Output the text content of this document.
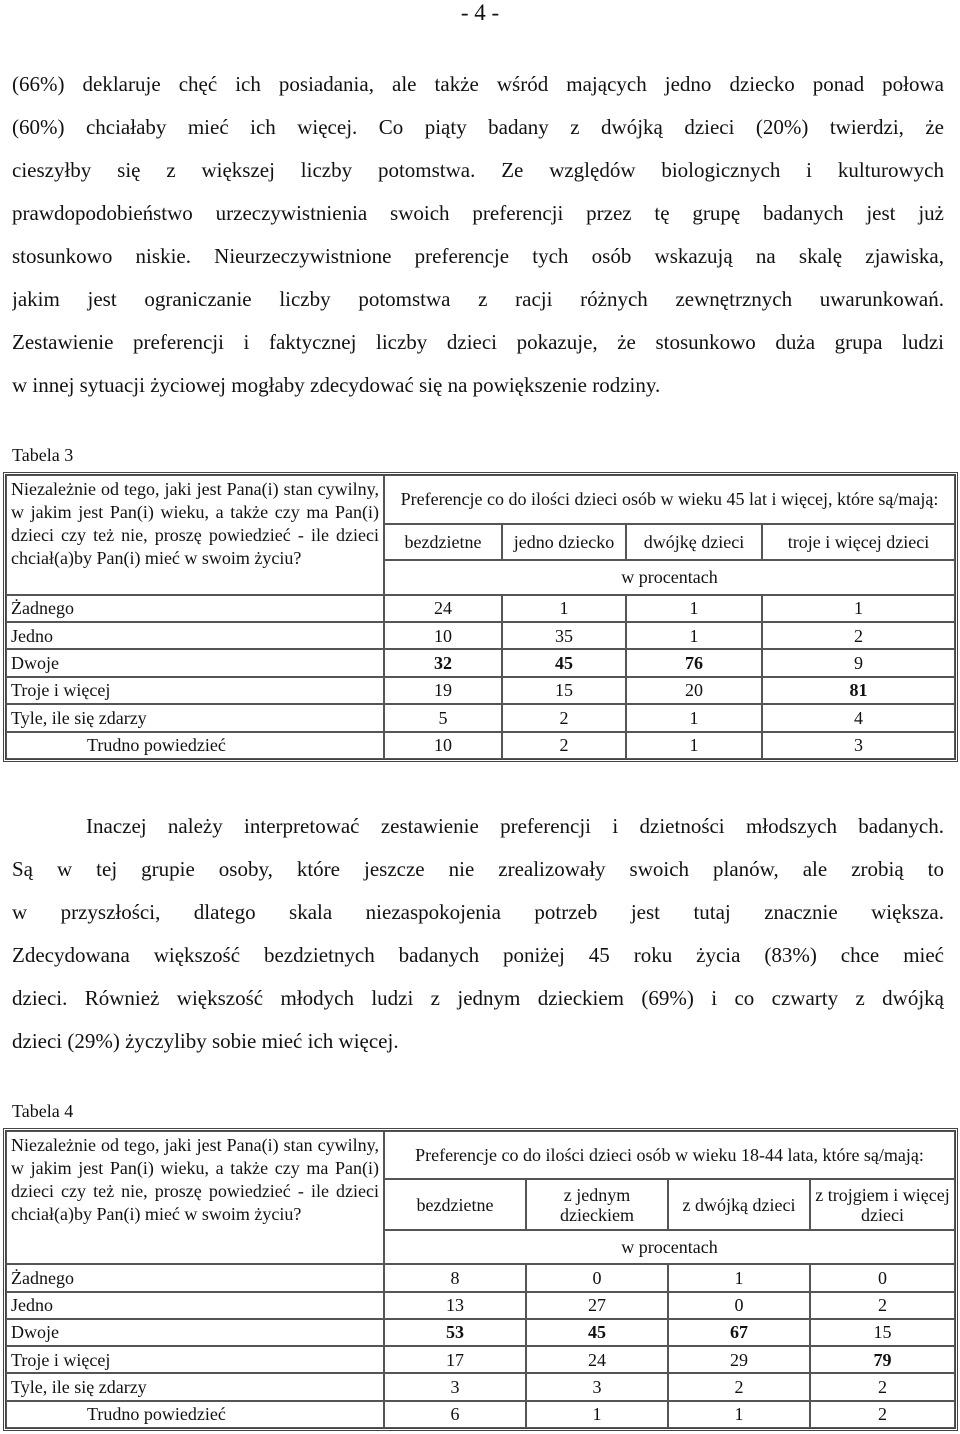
- 4 -
(66%) deklaruje chęć ich posiadania, ale także wśród mających jedno dziecko ponad połowa
(60%) chciałaby mieć ich więcej. Co piąty badany z dwójką dzieci (20%) twierdzi, że
cieszyłby się z większej liczby potomstwa. Ze względów biologicznych i kulturowych
prawdopodobieństwo urzeczywistnienia swoich preferencji przez tę grupę badanych jest już
stosunkowo niskie. Nieurzeczywistnione preferencje tych osób wskazują na skalę zjawiska,
jakim jest ograniczanie liczby potomstwa z racji różnych zewnętrznych uwarunkowań.
Zestawienie preferencji i faktycznej liczby dzieci pokazuje, że stosunkowo duża grupa ludzi
w innej sytuacji życiowej mogłaby zdecydować się na powiększenie rodziny.
Tabela 3
Niezależnie od tego, jaki jest Pana(i) stan cywilny, w jakim jest Pan(i) wieku, a także czy ma Pan(i) dzieci czy też nie, proszę powiedzieć - ile dzieci chciał(a)by Pan(i) mieć w swoim życiu?	Preferencje co do ilości dzieci osób w wieku 45 lat i więcej, które są/mają:			
	bezdzietne	jedno dziecko	dwójkę dzieci	troje i więcej dzieci
	w procentach			
Żadnego	24	1	1	1
Jedno	10	35	1	2
Dwoje	32	45	76	9
Troje i więcej	19	15	20	81
Tyle, ile się zdarzy	5	2	1	4
Trudno powiedzieć	10	2	1	3
Inaczej należy interpretować zestawienie preferencji i dzietności młodszych badanych.
Są w tej grupie osoby, które jeszcze nie zrealizowały swoich planów, ale zrobią to
w przyszłości, dlatego skala niezaspokojenia potrzeb jest tutaj znacznie większa.
Zdecydowana większość bezdzietnych badanych poniżej 45 roku życia (83%) chce mieć
dzieci. Również większość młodych ludzi z jednym dzieckiem (69%) i co czwarty z dwójką
dzieci (29%) życzyliby sobie mieć ich więcej.
Tabela 4
Niezależnie od tego, jaki jest Pana(i) stan cywilny, w jakim jest Pan(i) wieku, a także czy ma Pan(i) dzieci czy też nie, proszę powiedzieć - ile dzieci chciał(a)by Pan(i) mieć w swoim życiu?	Preferencje co do ilości dzieci osób w wieku 18-44 lata, które są/mają:			
	bezdzietne	z jednym dzieckiem	z dwójką dzieci	z trojgiem i więcej dzieci
	w procentach			
Żadnego	8	0	1	0
Jedno	13	27	0	2
Dwoje	53	45	67	15
Troje i więcej	17	24	29	79
Tyle, ile się zdarzy	3	3	2	2
Trudno powiedzieć	6	1	1	2
